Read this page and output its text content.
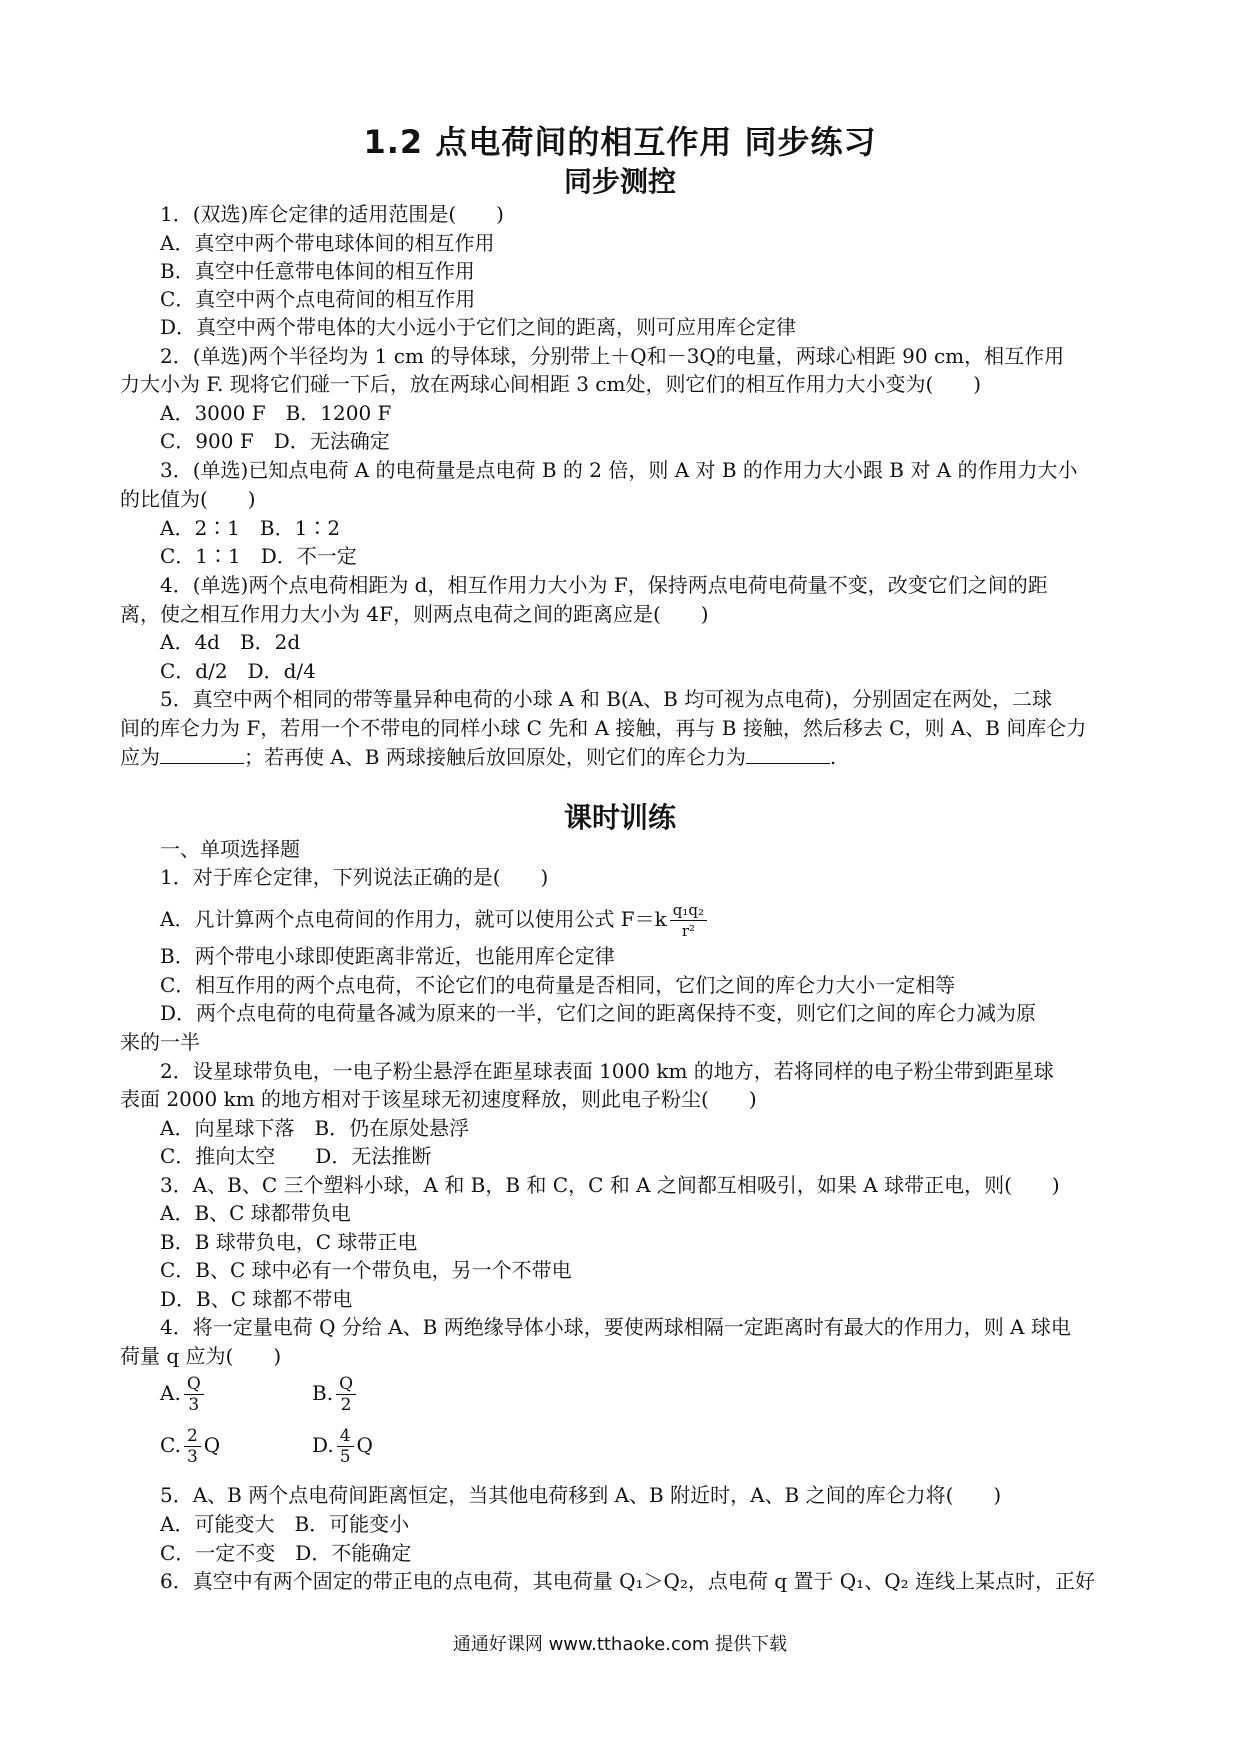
1.2 点电荷间的相互作用 同步练习
同步测控
1．(双选)库仑定律的适用范围是(　　)
A．真空中两个带电球体间的相互作用
B．真空中任意带电体间的相互作用
C．真空中两个点电荷间的相互作用
D．真空中两个带电体的大小远小于它们之间的距离，则可应用库仑定律
2．(单选)两个半径均为 1 cm 的导体球，分别带上＋Q和－3Q的电量，两球心相距 90 cm，相互作用
力大小为 F. 现将它们碰一下后，放在两球心间相距 3 cm处，则它们的相互作用力大小变为(　　)
A．3000 F　B．1200 F
C．900 F　D．无法确定
3．(单选)已知点电荷 A 的电荷量是点电荷 B 的 2 倍，则 A 对 B 的作用力大小跟 B 对 A 的作用力大小
的比值为(　　)
A．2∶1　B．1∶2
C．1∶1　D．不一定
4．(单选)两个点电荷相距为 d，相互作用力大小为 F，保持两点电荷电荷量不变，改变它们之间的距
离，使之相互作用力大小为 4F，则两点电荷之间的距离应是(　　)
A．4d　B．2d
C．d/2　D．d/4
5．真空中两个相同的带等量异种电荷的小球 A 和 B(A、B 均可视为点电荷)，分别固定在两处，二球
间的库仑力为 F，若用一个不带电的同样小球 C 先和 A 接触，再与 B 接触，然后移去 C，则 A、B 间库仑力
应为	；若再使 A、B 两球接触后放回原处，则它们的库仑力为	.
课时训练
一、单项选择题
1．对于库仑定律，下列说法正确的是(　　)
A．凡计算两个点电荷间的作用力，就可以使用公式 $F=k \frac{\text{q₁q₂}}{\text{r²}}$
B．两个带电小球即使距离非常近，也能用库仑定律
C．相互作用的两个点电荷，不论它们的电荷量是否相同，它们之间的库仑力大小一定相等
D．两个点电荷的电荷量各减为原来的一半，它们之间的距离保持不变，则它们之间的库仑力减为原
来的一半
2．设星球带负电，一电子粉尘悬浮在距星球表面 1000 km 的地方，若将同样的电子粉尘带到距星球
表面 2000 km 的地方相对于该星球无初速度释放，则此电子粉尘(　　)
A．向星球下落　B．仍在原处悬浮
C．推向太空　　D．无法推断
3．A、B、C 三个塑料小球，A 和 B，B 和 C，C 和 A 之间都互相吸引，如果 A 球带正电，则(　　)
A．B、C 球都带负电
B．B 球带负电，C 球带正电
C．B、C 球中必有一个带负电，另一个不带电
D．B、C 球都不带电
4．将一定量电荷 Q 分给 A、B 两绝缘导体小球，要使两球相隔一定距离时有最大的作用力，则 A 球电
荷量 q 应为(　　)
A. $\frac{Q}{3}$	B. $\frac{Q}{2}$
C. $\frac{2}{3}$ Q	D. $\frac{4}{5}$ Q
5．A、B 两个点电荷间距离恒定，当其他电荷移到 A、B 附近时，A、B 之间的库仑力将(　　)
A．可能变大　B．可能变小
C．一定不变　D．不能确定
6．真空中有两个固定的带正电的点电荷，其电荷量 Q₁＞Q₂，点电荷 q 置于 Q₁、Q₂ 连线上某点时，正好
通通好课网 www.tthaoke.com 提供下载
